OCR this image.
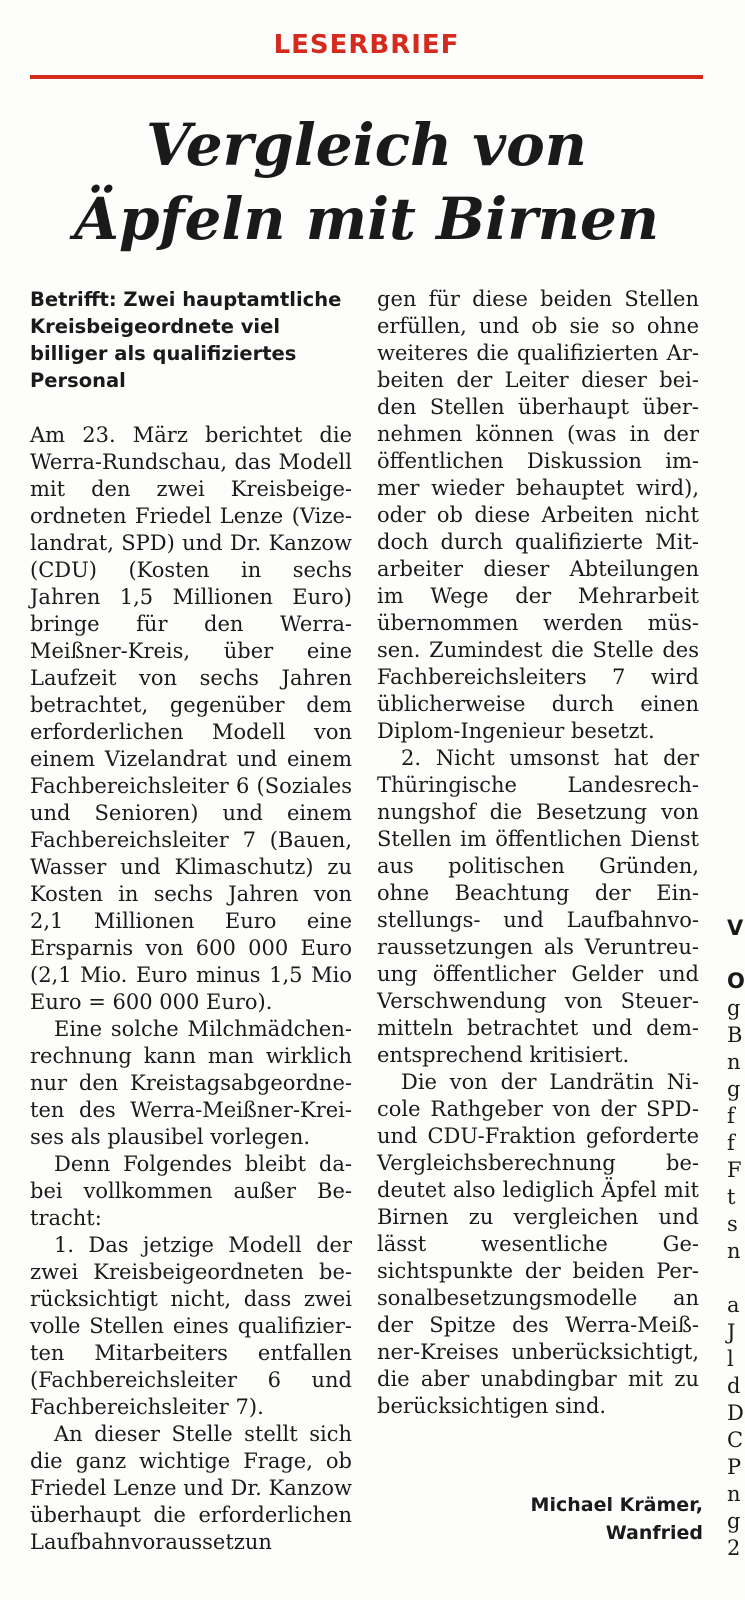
LESERBRIEF
Vergleich von
Äpfeln mit Birnen
Betrifft: Zwei hauptamtliche Kreisbeigeordnete viel billiger als qualifiziertes Personal

Am 23. März berichtet die Werra-Rundschau, das Modell mit den zwei Kreisbeigeordneten Friedel Lenze (Vizelandrat, SPD) und Dr. Kanzow (CDU) (Kosten in sechs Jahren 1,5 Millionen Euro) bringe für den Werra-Meißner-Kreis, über eine Laufzeit von sechs Jahren betrachtet, gegenüber dem erforderlichen Modell von einem Vizelandrat und einem Fachbereichsleiter 6 (Soziales und Senioren) und einem Fachbereichsleiter 7 (Bauen, Wasser und Klimaschutz) zu Kosten in sechs Jahren von 2,1 Millionen Euro eine Ersparnis von 600 000 Euro (2,1 Mio. Euro minus 1,5 Mio Euro = 600 000 Euro).

Eine solche Milchmädchenrechnung kann man wirklich nur den Kreistagsabgeordneten des Werra-Meißner-Kreises als plausibel vorlegen.

Denn Folgendes bleibt dabei vollkommen außer Betracht:

1. Das jetzige Modell der zwei Kreisbeigeordneten berücksichtigt nicht, dass zwei volle Stellen eines qualifizierten Mitarbeiters entfallen (Fachbereichsleiter 6 und Fachbereichsleiter 7).

An dieser Stelle stellt sich die ganz wichtige Frage, ob Friedel Lenze und Dr. Kanzow überhaupt die erforderlichen Laufbahnvoraussetzun

gen für diese beiden Stellen erfüllen, und ob sie so ohne weiteres die qualifizierten Arbeiten der Leiter dieser beiden Stellen überhaupt übernehmen können (was in der öffentlichen Diskussion immer wieder behauptet wird), oder ob diese Arbeiten nicht doch durch qualifizierte Mitarbeiter dieser Abteilungen im Wege der Mehrarbeit übernommen werden müssen. Zumindest die Stelle des Fachbereichsleiters 7 wird üblicherweise durch einen Diplom-Ingenieur besetzt.

2. Nicht umsonst hat der Thüringische Landesrechnungshof die Besetzung von Stellen im öffentlichen Dienst aus politischen Gründen, ohne Beachtung der Einstellungs- und Laufbahnvoraussetzungen als Veruntreuung öffentlicher Gelder und Verschwendung von Steuermitteln betrachtet und dementsprechend kritisiert.

Die von der Landrätin Nicole Rathgeber von der SPD- und CDU-Fraktion geforderte Vergleichsberechnung bedeutet also lediglich Äpfel mit Birnen zu vergleichen und lässt wesentliche Gesichtspunkte der beiden Personalbesetzungsmodelle an der Spitze des Werra-Meißner-Kreises unberücksichtigt, die aber unabdingbar mit zu berücksichtigen sind.

Michael Krämer,
Wanfried
V
O
g
B
n
g
f
f
F
t
s
n
a
J
l
d
D
C
P
n
g
2
